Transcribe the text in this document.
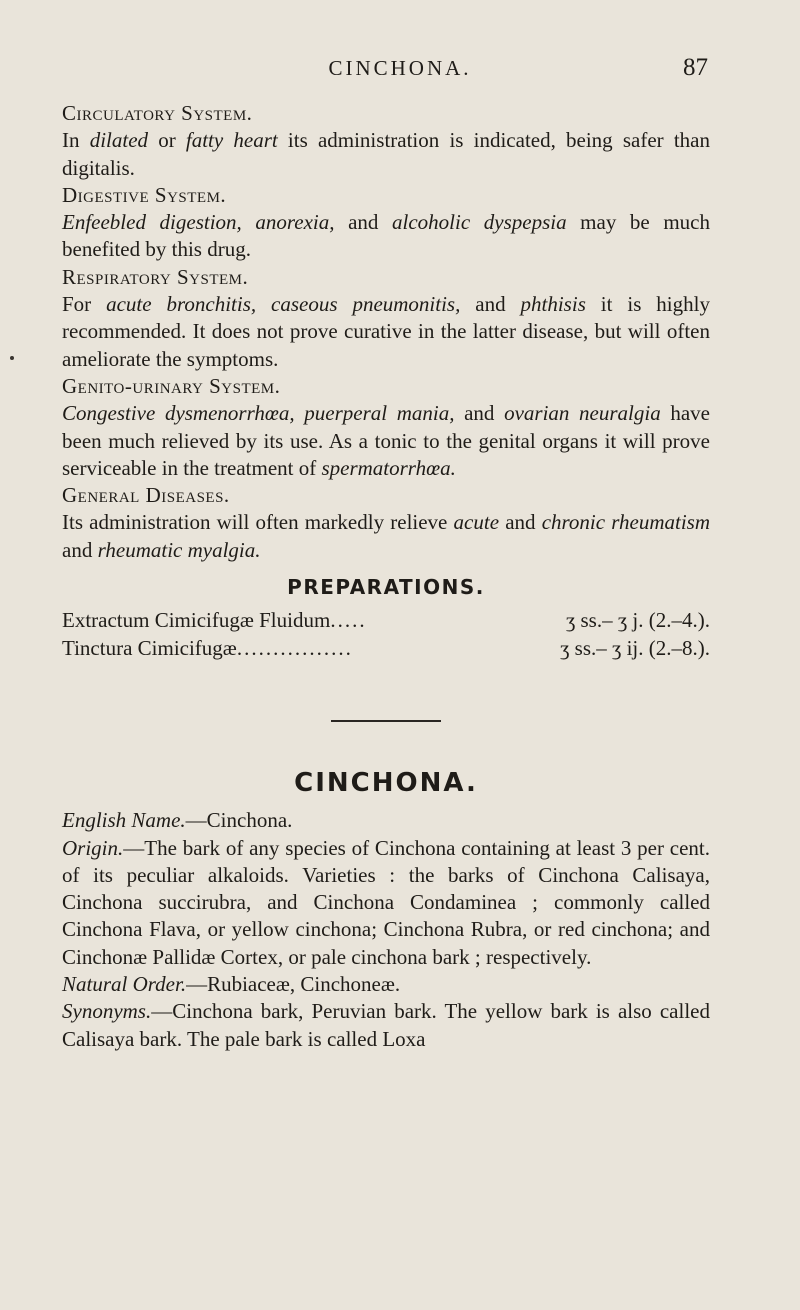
CINCHONA.	87

Circulatory System.

In dilated or fatty heart its administration is indicated, being safer than digitalis.

Digestive System.

Enfeebled digestion, anorexia, and alcoholic dyspepsia may be much benefited by this drug.

Respiratory System.

For acute bronchitis, caseous pneumonitis, and phthisis it is highly recommended. It does not prove curative in the latter disease, but will often ameliorate the symptoms.

Genito-urinary System.

Congestive dysmenorrhœa, puerperal mania, and ovarian neuralgia have been much relieved by its use. As a tonic to the genital organs it will prove serviceable in the treatment of spermatorrhœa.

General Diseases.

Its administration will often markedly relieve acute and chronic rheumatism and rheumatic myalgia.

PREPARATIONS.
Extractum Cimicifugæ Fluidum .....	ʒ ss.– ʒ j. (2.–4.).
Tinctura Cimicifugæ ................	ʒ ss.– ʒ ij. (2.–8.).
CINCHONA.

English Name.—Cinchona.

Origin.—The bark of any species of Cinchona containing at least 3 per cent. of its peculiar alkaloids. Varieties : the barks of Cinchona Calisaya, Cinchona succirubra, and Cinchona Condaminea ; commonly called Cinchona Flava, or yellow cinchona; Cinchona Rubra, or red cinchona; and Cinchonæ Pallidæ Cortex, or pale cinchona bark ; respectively.

Natural Order.—Rubiaceæ, Cinchoneæ.

Synonyms.—Cinchona bark, Peruvian bark. The yellow bark is also called Calisaya bark. The pale bark is called Loxa
